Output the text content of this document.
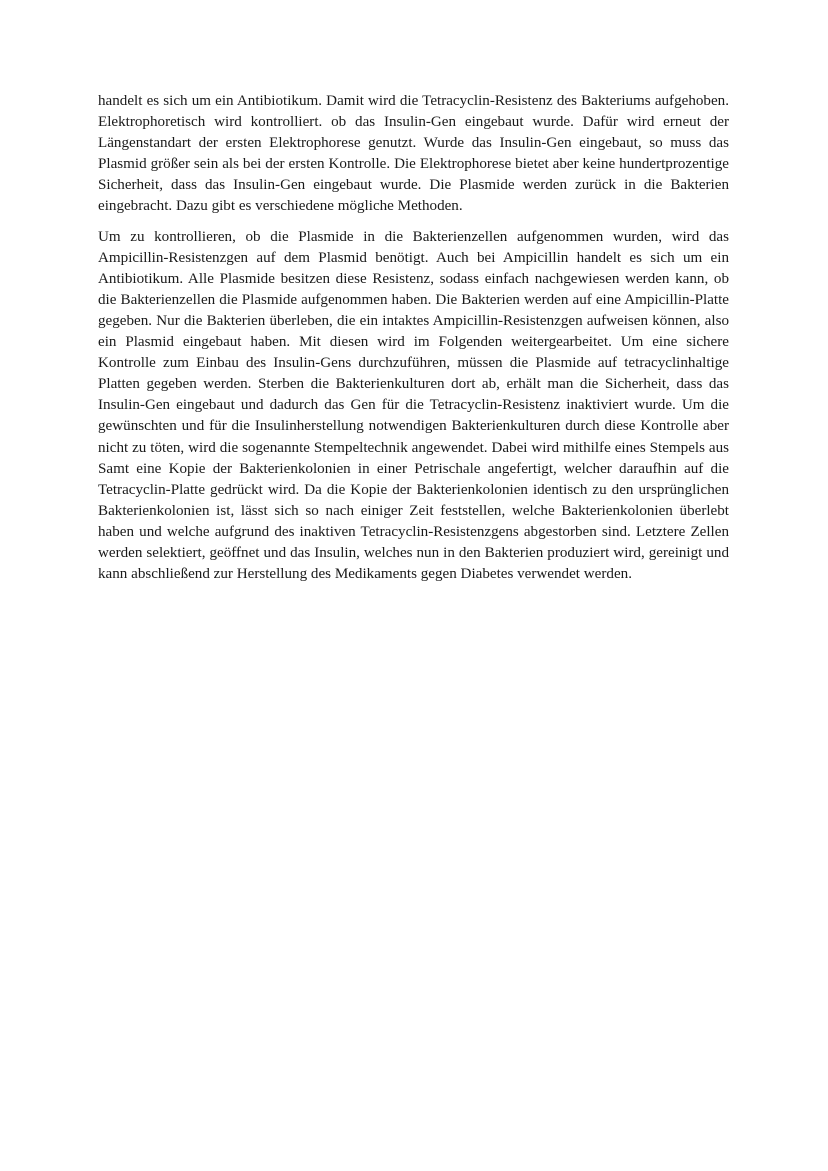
handelt es sich um ein Antibiotikum. Damit wird die Tetracyclin-Resistenz des Bakteriums aufgehoben. Elektrophoretisch wird kontrolliert. ob das Insulin-Gen eingebaut wurde. Dafür wird erneut der Längenstandart der ersten Elektrophorese genutzt. Wurde das Insulin-Gen eingebaut, so muss das Plasmid größer sein als bei der ersten Kontrolle. Die Elektrophorese bietet aber keine hundertprozentige Sicherheit, dass das Insulin-Gen eingebaut wurde. Die Plasmide werden zurück in die Bakterien eingebracht. Dazu gibt es verschiedene mögliche Methoden.

Um zu kontrollieren, ob die Plasmide in die Bakterienzellen aufgenommen wurden, wird das Ampicillin-Resistenzgen auf dem Plasmid benötigt. Auch bei Ampicillin handelt es sich um ein Antibiotikum. Alle Plasmide besitzen diese Resistenz, sodass einfach nachgewiesen werden kann, ob die Bakterienzellen die Plasmide aufgenommen haben. Die Bakterien werden auf eine Ampicillin-Platte gegeben. Nur die Bakterien überleben, die ein intaktes Ampicillin-Resistenzgen aufweisen können, also ein Plasmid eingebaut haben. Mit diesen wird im Folgenden weitergearbeitet. Um eine sichere Kontrolle zum Einbau des Insulin-Gens durchzuführen, müssen die Plasmide auf tetracyclinhaltige Platten gegeben werden. Sterben die Bakterienkulturen dort ab, erhält man die Sicherheit, dass das Insulin-Gen eingebaut und dadurch das Gen für die Tetracyclin-Resistenz inaktiviert wurde. Um die gewünschten und für die Insulinherstellung notwendigen Bakterienkulturen durch diese Kontrolle aber nicht zu töten, wird die sogenannte Stempeltechnik angewendet. Dabei wird mithilfe eines Stempels aus Samt eine Kopie der Bakterienkolonien in einer Petrischale angefertigt, welcher daraufhin auf die Tetracyclin-Platte gedrückt wird. Da die Kopie der Bakterienkolonien identisch zu den ursprünglichen Bakterienkolonien ist, lässt sich so nach einiger Zeit feststellen, welche Bakterienkolonien überlebt haben und welche aufgrund des inaktiven Tetracyclin-Resistenzgens abgestorben sind. Letztere Zellen werden selektiert, geöffnet und das Insulin, welches nun in den Bakterien produziert wird, gereinigt und kann abschließend zur Herstellung des Medikaments gegen Diabetes verwendet werden.
